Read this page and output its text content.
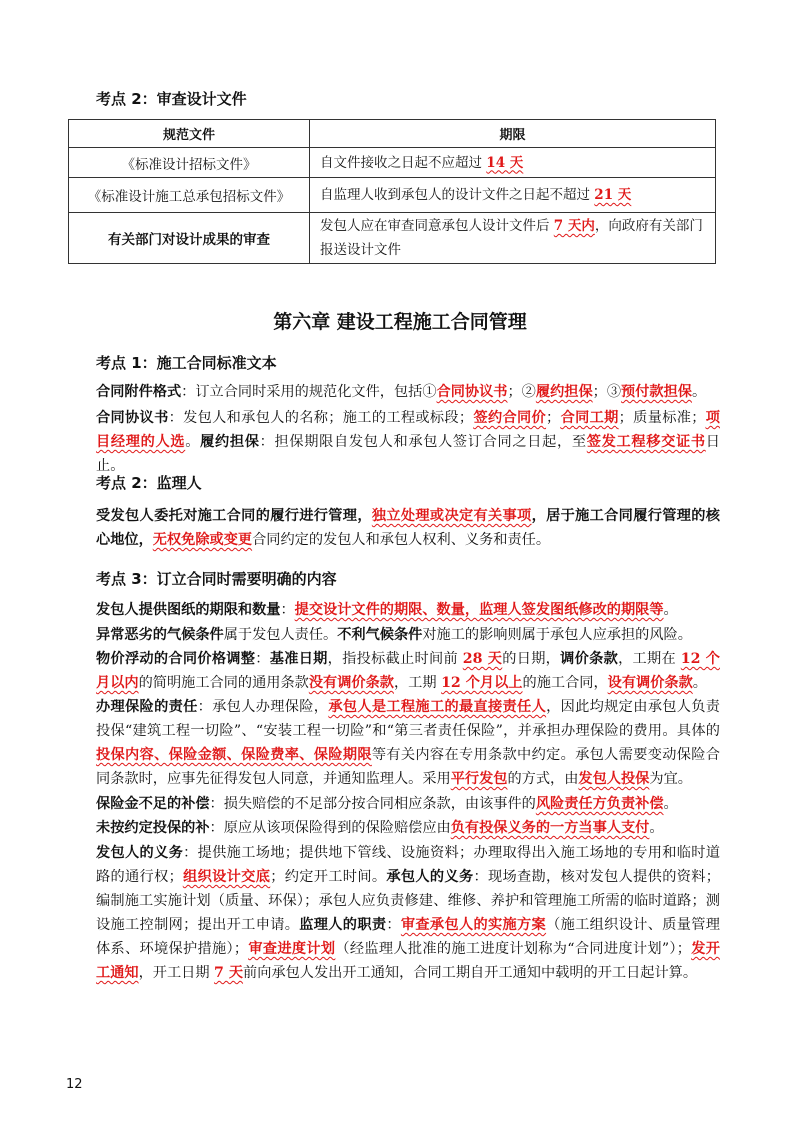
考点 2：审查设计文件
规范文件	期限
《标准设计招标文件》	自文件接收之日起不应超过 14 天
《标准设计施工总承包招标文件》	自监理人收到承包人的设计文件之日起不超过 21 天
有关部门对设计成果的审查	发包人应在审查同意承包人设计文件后 7 天内，向政府有关部门报送设计文件
第六章 建设工程施工合同管理
考点 1：施工合同标准文本

合同附件格式：订立合同时采用的规范化文件，包括①合同协议书；②履约担保；③预付款担保。

合同协议书：发包人和承包人的名称；施工的工程或标段；签约合同价；合同工期；质量标准；项目经理的人选。履约担保：担保期限自发包人和承包人签订合同之日起，至签发工程移交证书日止。

考点 2：监理人

受发包人委托对施工合同的履行进行管理，独立处理或决定有关事项，居于施工合同履行管理的核心地位，无权免除或变更合同约定的发包人和承包人权利、义务和责任。

考点 3：订立合同时需要明确的内容

发包人提供图纸的期限和数量：提交设计文件的期限、数量，监理人签发图纸修改的期限等。

异常恶劣的气候条件属于发包人责任。不利气候条件对施工的影响则属于承包人应承担的风险。

物价浮动的合同价格调整：基准日期，指投标截止时间前 28 天的日期，调价条款，工期在 12 个月以内的简明施工合同的通用条款没有调价条款，工期 12 个月以上的施工合同，设有调价条款。

办理保险的责任：承包人办理保险，承包人是工程施工的最直接责任人，因此均规定由承包人负责投保“建筑工程一切险”、“安装工程一切险”和“第三者责任保险”，并承担办理保险的费用。具体的投保内容、保险金额、保险费率、保险期限等有关内容在专用条款中约定。承包人需要变动保险合同条款时，应事先征得发包人同意，并通知监理人。采用平行发包的方式，由发包人投保为宜。

保险金不足的补偿：损失赔偿的不足部分按合同相应条款，由该事件的风险责任方负责补偿。

未按约定投保的补：原应从该项保险得到的保险赔偿应由负有投保义务的一方当事人支付。

发包人的义务：提供施工场地；提供地下管线、设施资料；办理取得出入施工场地的专用和临时道路的通行权；组织设计交底；约定开工时间。承包人的义务：现场查勘，核对发包人提供的资料；编制施工实施计划（质量、环保）；承包人应负责修建、维修、养护和管理施工所需的临时道路；测设施工控制网；提出开工申请。监理人的职责：审查承包人的实施方案（施工组织设计、质量管理体系、环境保护措施）；审查进度计划（经监理人批准的施工进度计划称为“合同进度计划”）；发开工通知，开工日期 7 天前向承包人发出开工通知，合同工期自开工通知中载明的开工日起计算。

12
